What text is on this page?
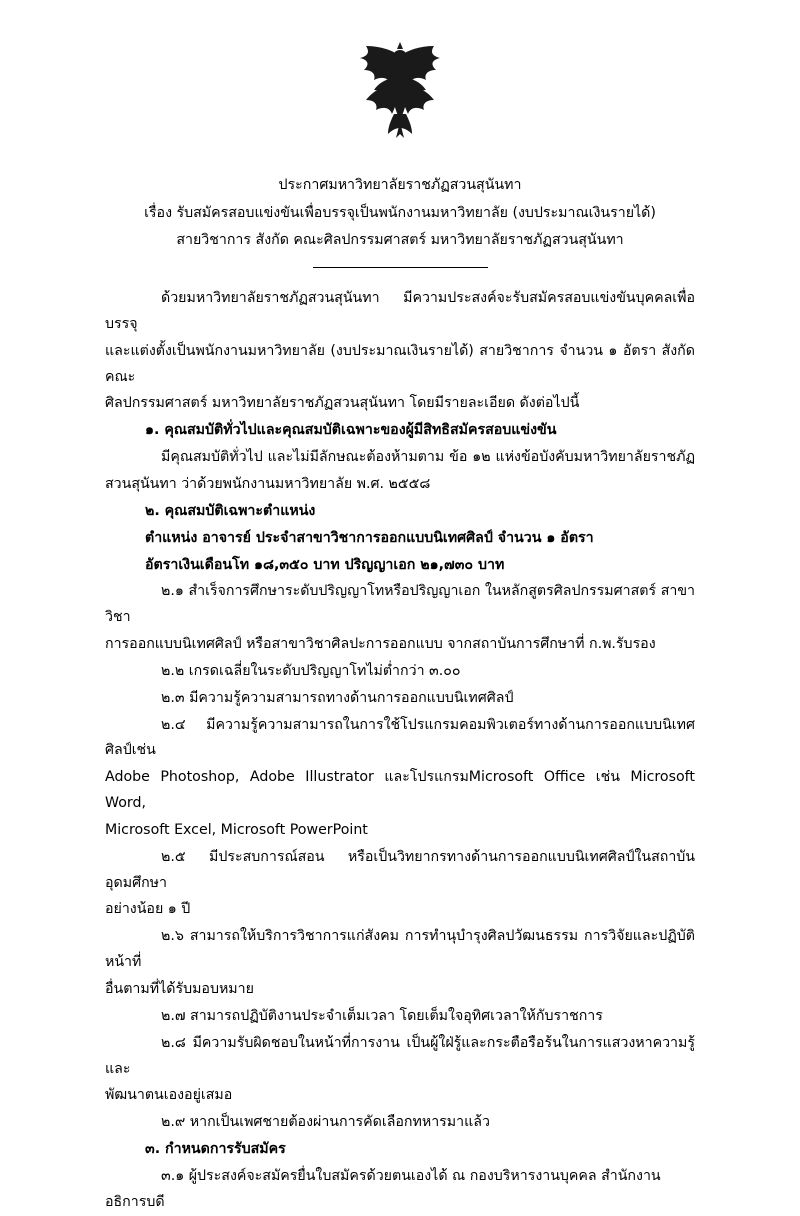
ประกาศมหาวิทยาลัยราชภัฏสวนสุนันทา
เรื่อง รับสมัครสอบแข่งขันเพื่อบรรจุเป็นพนักงานมหาวิทยาลัย (งบประมาณเงินรายได้)
สายวิชาการ สังกัด คณะศิลปกรรมศาสตร์ มหาวิทยาลัยราชภัฏสวนสุนันทา
ด้วยมหาวิทยาลัยราชภัฏสวนสุนันทา มีความประสงค์จะรับสมัครสอบแข่งขันบุคคลเพื่อบรรจุ
และแต่งตั้งเป็นพนักงานมหาวิทยาลัย (งบประมาณเงินรายได้) สายวิชาการ จำนวน ๑ อัตรา สังกัด คณะ
ศิลปกรรมศาสตร์ มหาวิทยาลัยราชภัฏสวนสุนันทา โดยมีรายละเอียด ดังต่อไปนี้
๑. คุณสมบัติทั่วไปและคุณสมบัติเฉพาะของผู้มีสิทธิสมัครสอบแข่งขัน
มีคุณสมบัติทั่วไป และไม่มีลักษณะต้องห้ามตาม ข้อ ๑๒ แห่งข้อบังคับมหาวิทยาลัยราชภัฏ
สวนสุนันทา ว่าด้วยพนักงานมหาวิทยาลัย พ.ศ. ๒๕๕๘
๒. คุณสมบัติเฉพาะตำแหน่ง
ตำแหน่ง อาจารย์ ประจำสาขาวิชาการออกแบบนิเทศศิลป์ จำนวน ๑ อัตรา
อัตราเงินเดือนโท ๑๘,๓๕๐ บาท ปริญญาเอก ๒๑,๗๓๐ บาท
๒.๑ สำเร็จการศึกษาระดับปริญญาโทหรือปริญญาเอก ในหลักสูตรศิลปกรรมศาสตร์ สาขาวิชา
การออกแบบนิเทศศิลป์ หรือสาขาวิชาศิลปะการออกแบบ จากสถาบันการศึกษาที่ ก.พ.รับรอง
๒.๒ เกรดเฉลี่ยในระดับปริญญาโทไม่ต่ำกว่า ๓.๐๐
๒.๓ มีความรู้ความสามารถทางด้านการออกแบบนิเทศศิลป์
๒.๔ มีความรู้ความสามารถในการใช้โปรแกรมคอมพิวเตอร์ทางด้านการออกแบบนิเทศศิลป์เช่น
Adobe Photoshop, Adobe Illustrator และโปรแกรมMicrosoft Office เช่น Microsoft Word,
Microsoft Excel, Microsoft PowerPoint
๒.๕ มีประสบการณ์สอน หรือเป็นวิทยากรทางด้านการออกแบบนิเทศศิลป์ในสถาบันอุดมศึกษา
อย่างน้อย ๑ ปี
๒.๖ สามารถให้บริการวิชาการแก่สังคม การทำนุบำรุงศิลปวัฒนธรรม การวิจัยและปฏิบัติหน้าที่
อื่นตามที่ได้รับมอบหมาย
๒.๗ สามารถปฏิบัติงานประจำเต็มเวลา โดยเต็มใจอุทิศเวลาให้กับราชการ
๒.๘ มีความรับผิดชอบในหน้าที่การงาน เป็นผู้ใฝ่รู้และกระตือรือร้นในการแสวงหาความรู้และ
พัฒนาตนเองอยู่เสมอ
๒.๙ หากเป็นเพศชายต้องผ่านการคัดเลือกทหารมาแล้ว
๓. กำหนดการรับสมัคร
๓.๑ ผู้ประสงค์จะสมัครยื่นใบสมัครด้วยตนเองได้ ณ กองบริหารงานบุคคล สำนักงานอธิการบดี
